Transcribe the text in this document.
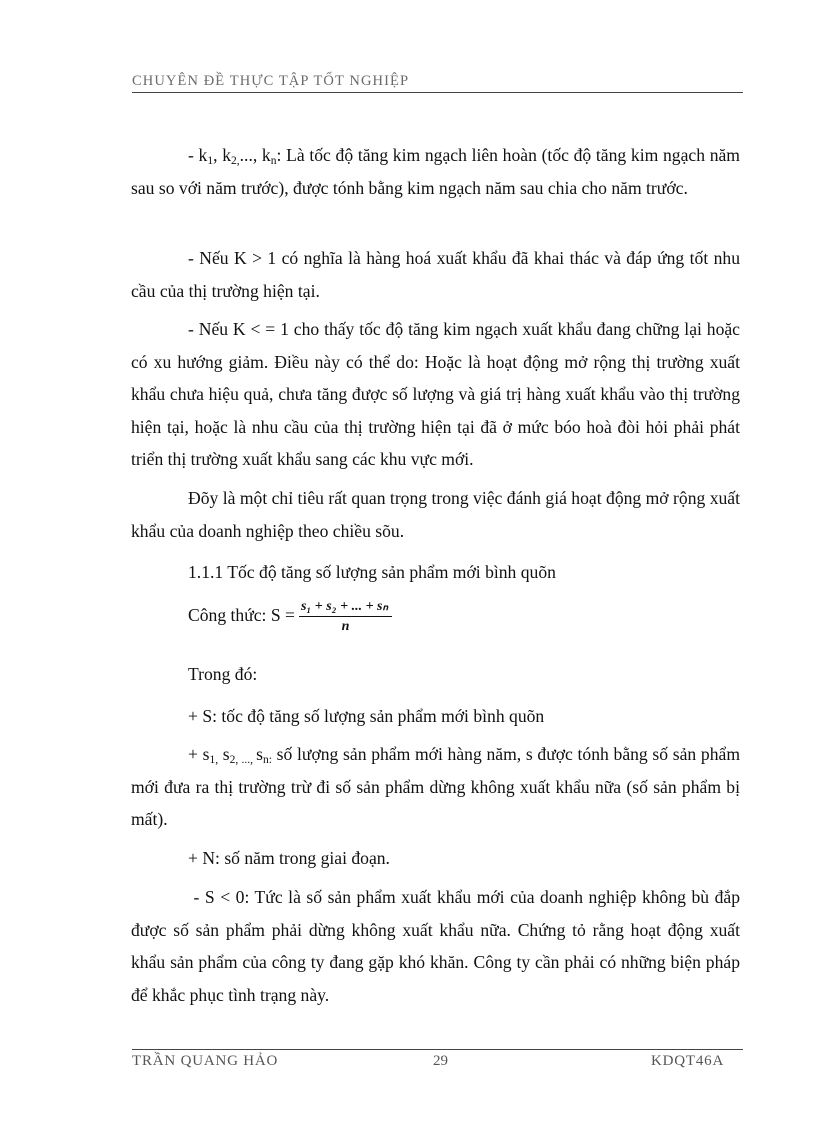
CHUYÊN ĐỀ THỰC TẬP TỐT NGHIỆP

- $k_1$, $k_{2,}$..., $k_n$: Là tốc độ tăng kim ngạch liên hoàn (tốc độ tăng kim ngạch năm sau so với năm trước), được tónh bằng kim ngạch năm sau chia cho năm trước.

- Nếu K > 1 có nghĩa là hàng hoá xuất khẩu đã khai thác và đáp ứng tốt nhu cầu của thị trường hiện tại.

- Nếu K < = 1 cho thấy tốc độ tăng kim ngạch xuất khẩu đang chững lại hoặc có xu hướng giảm. Điều này có thể do: Hoặc là hoạt động mở rộng thị trường xuất khẩu chưa hiệu quả, chưa tăng được số lượng và giá trị hàng xuất khẩu vào thị trường hiện tại, hoặc là nhu cầu của thị trường hiện tại đã ở mức bóo hoà đòi hỏi phải phát triển thị trường xuất khẩu sang các khu vực mới.

Đõy là một chỉ tiêu rất quan trọng trong việc đánh giá hoạt động mở rộng xuất khẩu của doanh nghiệp theo chiều sõu.

1.1.1 Tốc độ tăng số lượng sản phẩm mới bình quõn

Công thức: $S = \frac{\text{s₁ + s₂ + ... + sₙ}}{n}$

Trong đó:

+ S: tốc độ tăng số lượng sản phẩm mới bình quõn

+ $s_{1,}$ $s_{2, ...,}$ $s_{n:}$ số lượng sản phẩm mới hàng năm, s được tónh bằng số sản phẩm mới đưa ra thị trường trừ đi số sản phẩm dừng không xuất khẩu nữa (số sản phẩm bị mất).

+ N: số năm trong giai đoạn.

- S < 0: Tức là số sản phẩm xuất khẩu mới của doanh nghiệp không bù đắp được số sản phẩm phải dừng không xuất khẩu nữa. Chứng tỏ rằng hoạt động xuất khẩu sản phẩm của công ty đang gặp khó khăn. Công ty cần phải có những biện pháp để khắc phục tình trạng này.

TRẦN QUANG HẢO	29	KDQT46A
